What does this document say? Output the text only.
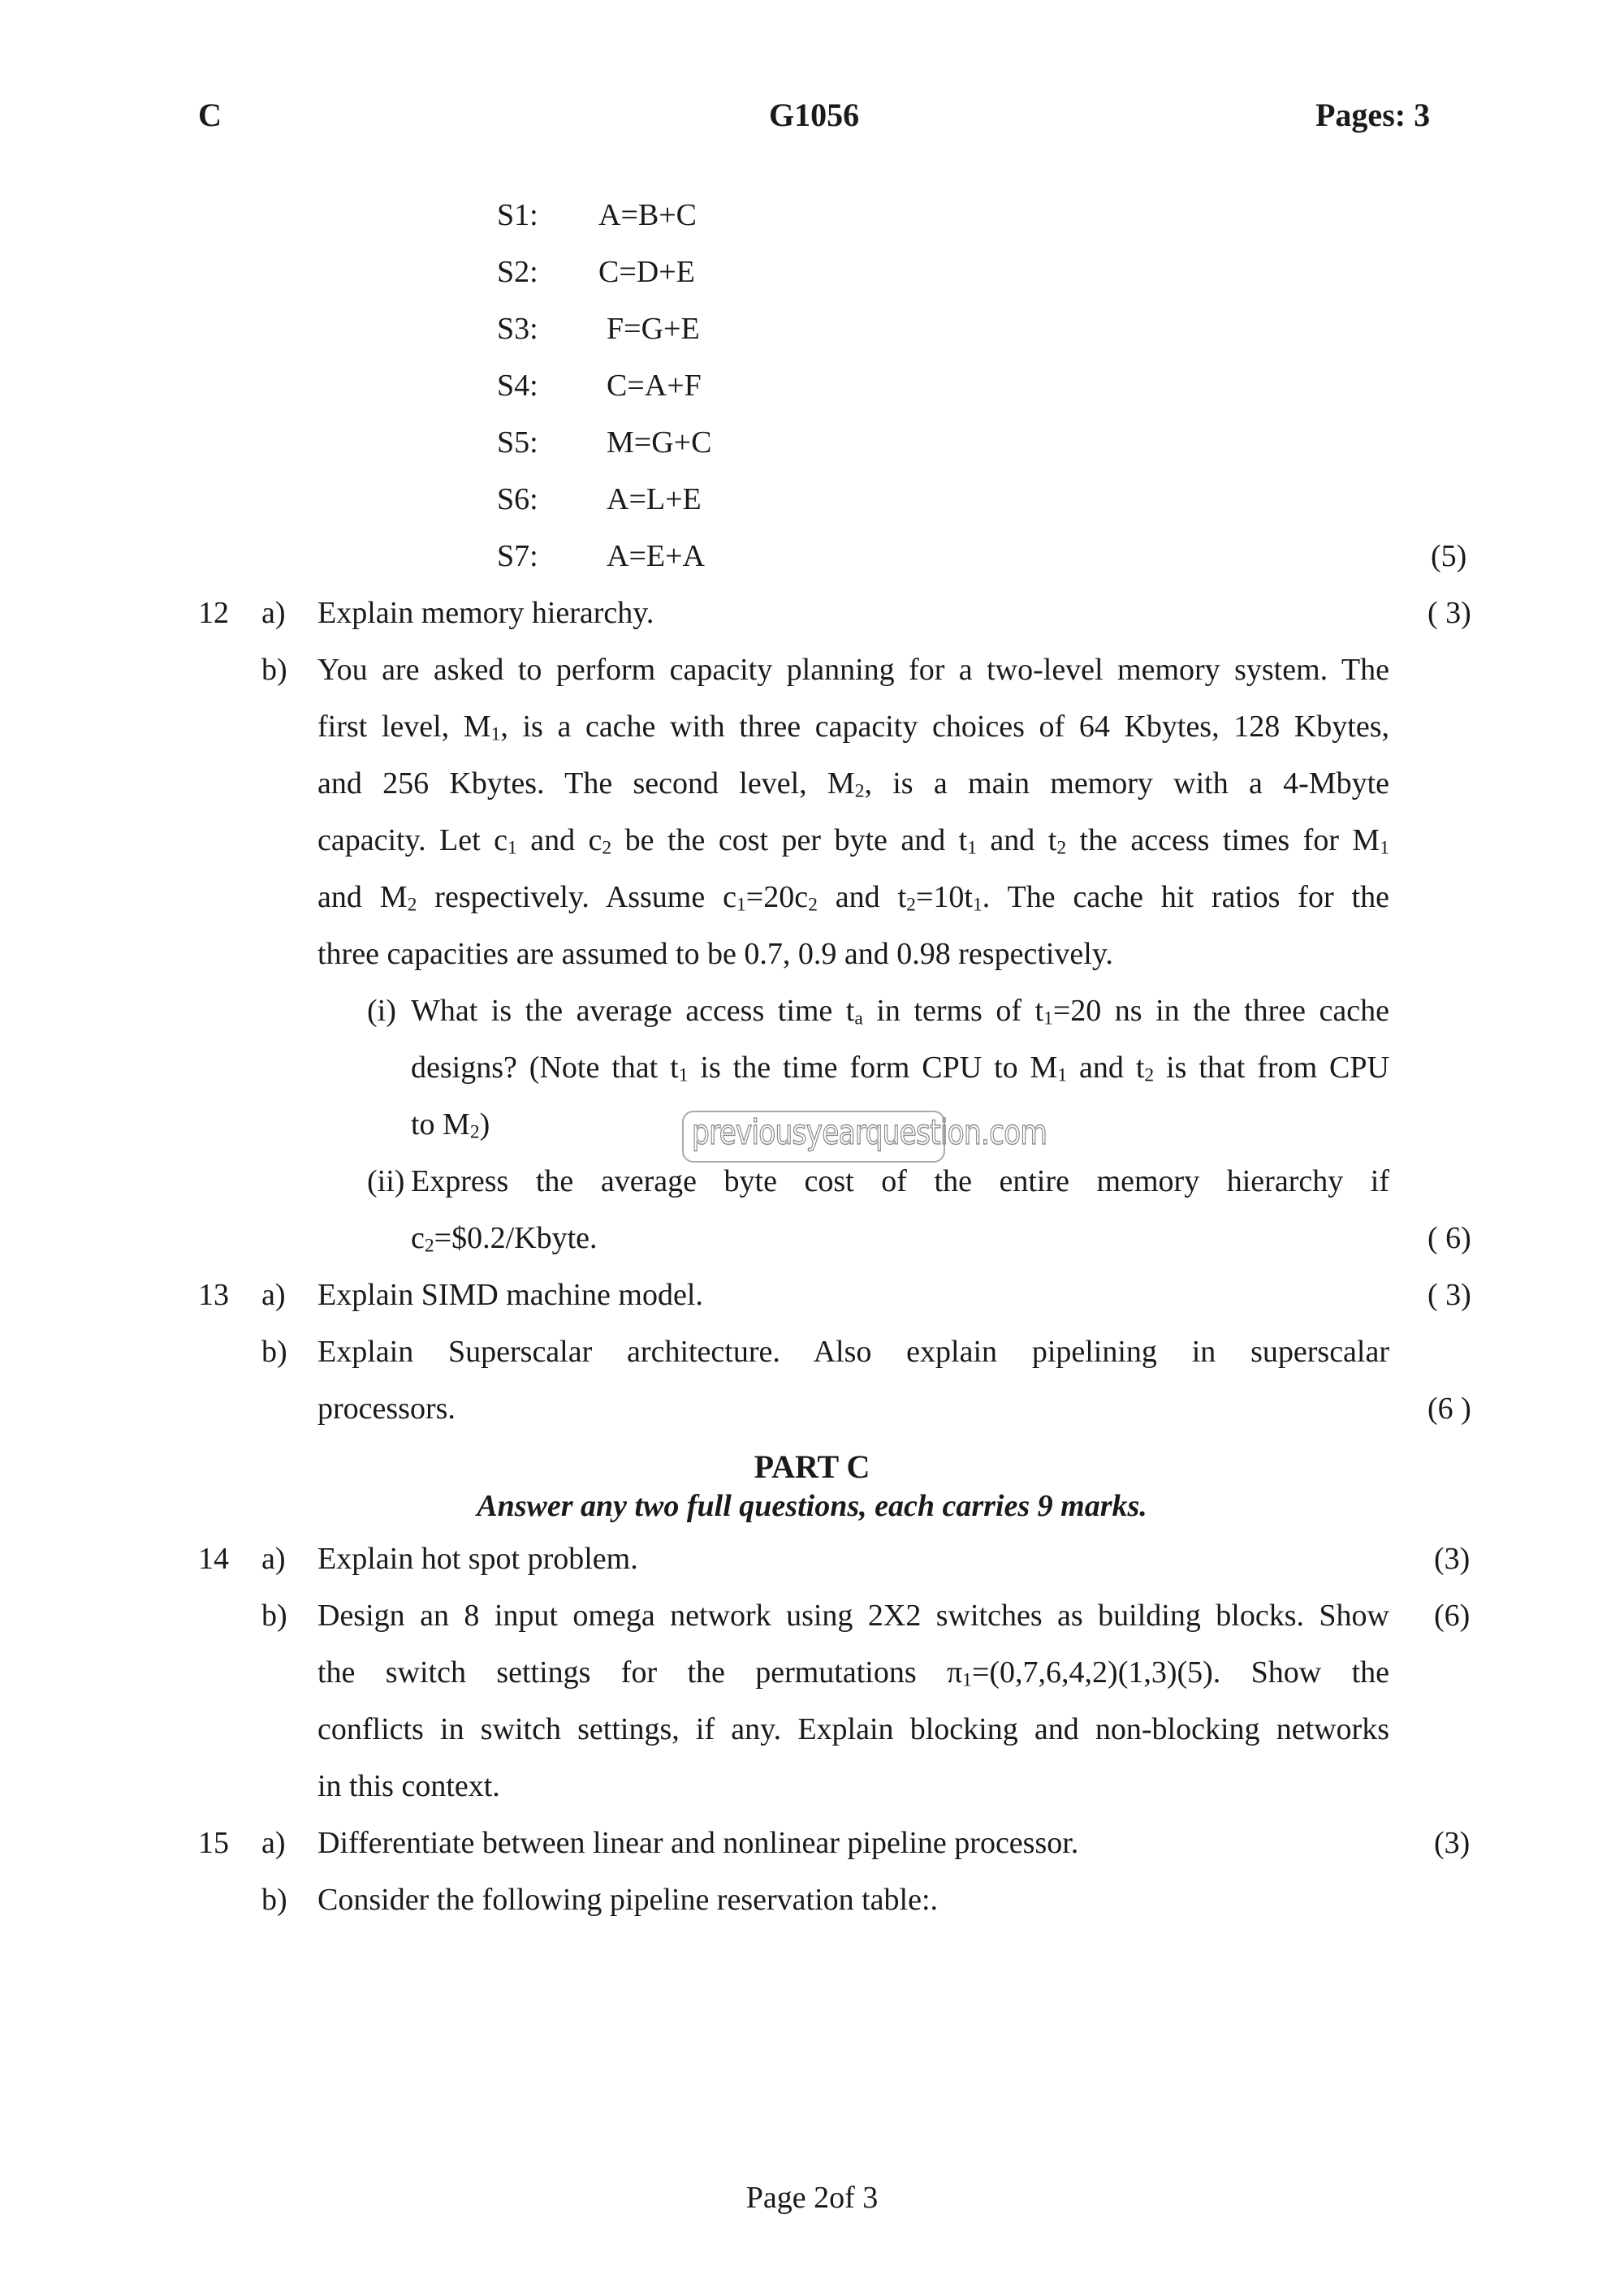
C	G1056	Pages: 3
S1: A=B+C
S2: C=D+E
S3: F=G+E
S4: C=A+F
S5: M=G+C
S6: A=L+E
S7: A=E+A	(5)
12 a) Explain memory hierarchy.	( 3)
b) You are asked to perform capacity planning for a two-level memory system. The
first level, $M_1$, is a cache with three capacity choices of 64 Kbytes, 128 Kbytes,
and 256 Kbytes. The second level, $M_2$, is a main memory with a 4-Mbyte
capacity. Let $c_1$ and $c_2$ be the cost per byte and $t_1$ and $t_2$ the access times for $M_1$
and $M_2$ respectively. Assume $c_1=20c_2$ and $t_2=10t_1$. The cache hit ratios for the
three capacities are assumed to be 0.7, 0.9 and 0.98 respectively.
(i) What is the average access time $t_a$ in terms of $t_1=20$ ns in the three cache
designs? (Note that $t_1$ is the time form CPU to $M_1$ and $t_2$ is that from CPU
to $M_2$)
(ii) Express the average byte cost of the entire memory hierarchy if
$c_2=\$0.2$/Kbyte.	( 6)
previousyearquestion.com
13 a) Explain SIMD machine model.	( 3)
b) Explain Superscalar architecture. Also explain pipelining in superscalar
processors.	(6 )
PART C
Answer any two full questions, each carries 9 marks.
14 a) Explain hot spot problem.	(3)
b) Design an 8 input omega network using 2X2 switches as building blocks. Show (6)
the switch settings for the permutations $\pi_1=(0,7,6,4,2)(1,3)(5)$. Show the
conflicts in switch settings, if any. Explain blocking and non-blocking networks
in this context.
15 a) Differentiate between linear and nonlinear pipeline processor.	(3)
b) Consider the following pipeline reservation table:.
Page 2of 3
